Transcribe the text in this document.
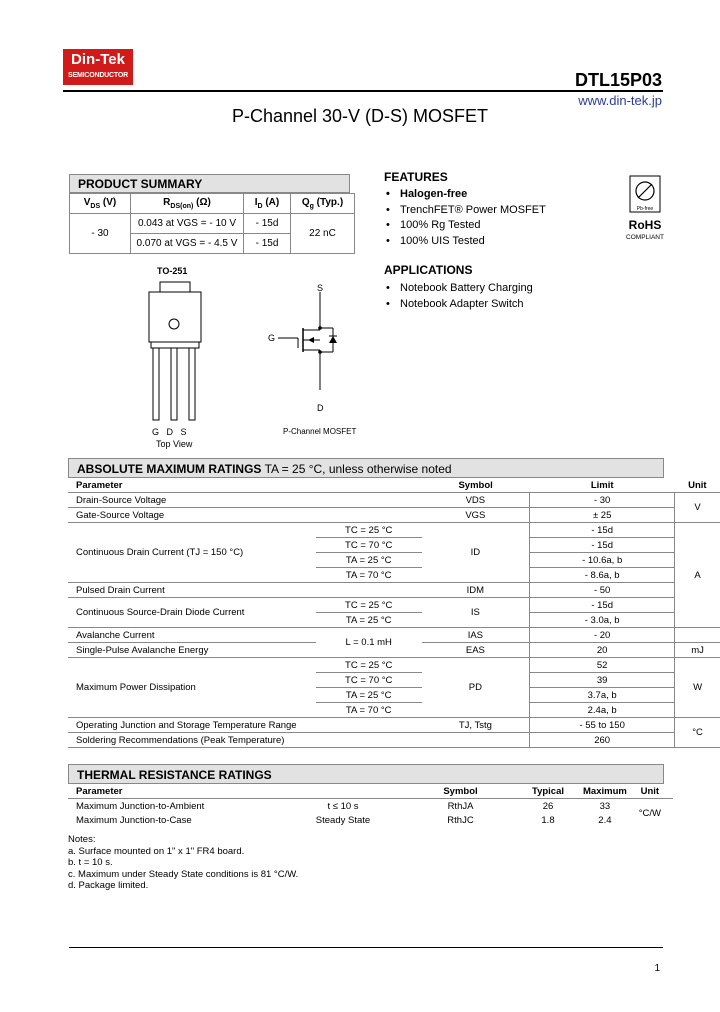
Din-Tek
SEMICONDUCTOR	DTL15P03
www.din-tek.jp
P-Channel 30-V (D-S) MOSFET
PRODUCT SUMMARY
$V_{DS}$ (V)	$R_{DS(on)}$ (Ω)	$I_D$ (A)	$Q_g$ (Typ.)
- 30	0.043 at VGS = - 10 V	- 15d	22 nC
	0.070 at VGS = - 4.5 V	- 15d	
FEATURES
• Halogen-free
• TrenchFET® Power MOSFET
• 100% Rg Tested
• 100% UIS Tested
Pb-free
RoHS
COMPLIANT
APPLICATIONS
• Notebook Battery Charging
• Notebook Adapter Switch
TO-251
G   D   S
Top View
S
G
D
P-Channel MOSFET
ABSOLUTE MAXIMUM RATINGS TA = 25 °C, unless otherwise noted
Parameter		Symbol	Limit	Unit
Drain-Source Voltage		VDS	- 30	V
Gate-Source Voltage		VGS	± 25	
Continuous Drain Current (TJ = 150 °C)	TC = 25 °C	ID	- 15d	A
	TC = 70 °C		- 15d	
	TA = 25 °C		- 10.6a, b	
	TA = 70 °C		- 8.6a, b	
Pulsed Drain Current		IDM	- 50	
Continuous Source-Drain Diode Current	TC = 25 °C	IS	- 15d	
	TA = 25 °C		- 3.0a, b	
Avalanche Current	L = 0.1 mH	IAS	- 20	
Single-Pulse Avalanche Energy		EAS	20	mJ
Maximum Power Dissipation	TC = 25 °C	PD	52	W
	TC = 70 °C		39	
	TA = 25 °C		3.7a, b	
	TA = 70 °C		2.4a, b	
Operating Junction and Storage Temperature Range		TJ, Tstg	- 55 to 150	°C
Soldering Recommendations (Peak Temperature)			260	
THERMAL RESISTANCE RATINGS
Parameter		Symbol	Typical	Maximum	Unit
Maximum Junction-to-Ambient	t ≤ 10 s	RthJA	26	33	°C/W
Maximum Junction-to-Case	Steady State	RthJC	1.8	2.4	
Notes:
a. Surface mounted on 1" x 1" FR4 board.
b. t = 10 s.
c. Maximum under Steady State conditions is 81 °C/W.
d. Package limited.
1
